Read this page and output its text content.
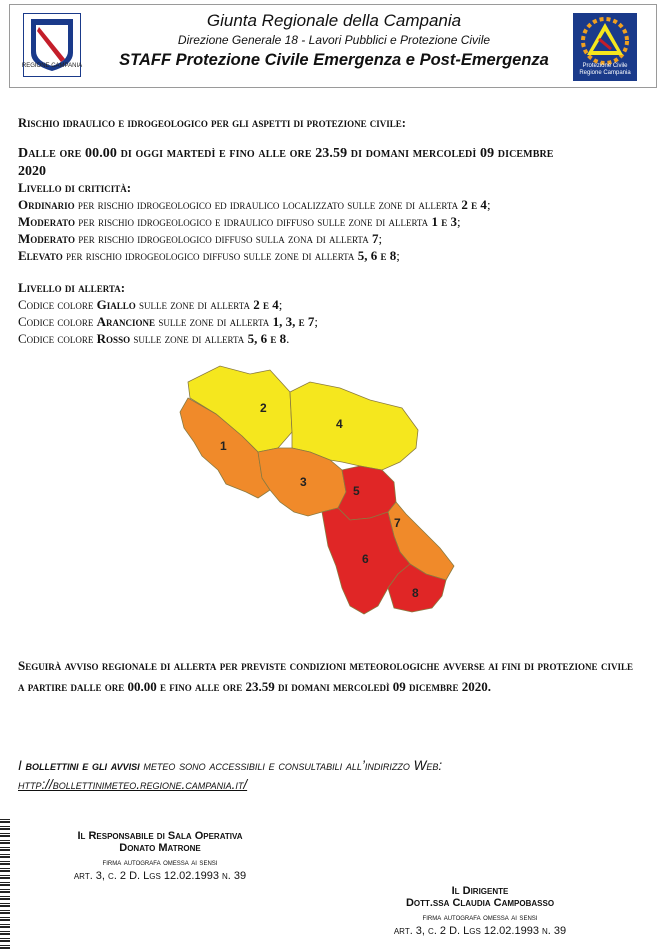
REGIONE CAMPANIA
Giunta Regionale della Campania
Direzione Generale 18 - Lavori Pubblici e Protezione Civile
STAFF Protezione Civile Emergenza e Post-Emergenza	Protezione Civile
Regione Campania
Rischio idraulico e idrogeologico per gli aspetti di protezione civile:
Dalle ore 00.00 di oggi martedì e fino alle ore 23.59 di domani mercoledì 09 dicembre
2020
Livello di criticità:
Ordinario per rischio idrogeologico ed idraulico localizzato sulle zone di allerta 2 e 4;
Moderato per rischio idrogeologico e idraulico diffuso sulle zone di allerta 1 e 3;
Moderato per rischio idrogeologico diffuso sulla zona di allerta 7;
Elevato per rischio idrogeologico diffuso sulle zone di allerta 5, 6 e 8;
Livello di allerta:
Codice colore Giallo sulle zone di allerta 2 e 4;
Codice colore Arancione sulle zone di allerta 1, 3, e 7;
Codice colore Rosso sulle zone di allerta 5, 6 e 8.
2
4
1
3
5
7
6
8
Seguirà avviso regionale di allerta per previste condizioni meteorologiche avverse ai fini di protezione civile a partire dalle ore 00.00 e fino alle ore 23.59 di domani mercoledì 09 dicembre 2020.
I bollettini e gli avvisi meteo sono accessibili e consultabili all’indirizzo Web:
http://bollettinimeteo.regione.campania.it/
Il Responsabile di Sala Operativa
Donato Matrone
firma autografa omessa ai sensi
art. 3, c. 2 D. Lgs 12.02.1993 n. 39
Il Dirigente
Dott.ssa Claudia Campobasso
firma autografa omessa ai sensi
art. 3, c. 2 D. Lgs 12.02.1993 n. 39
